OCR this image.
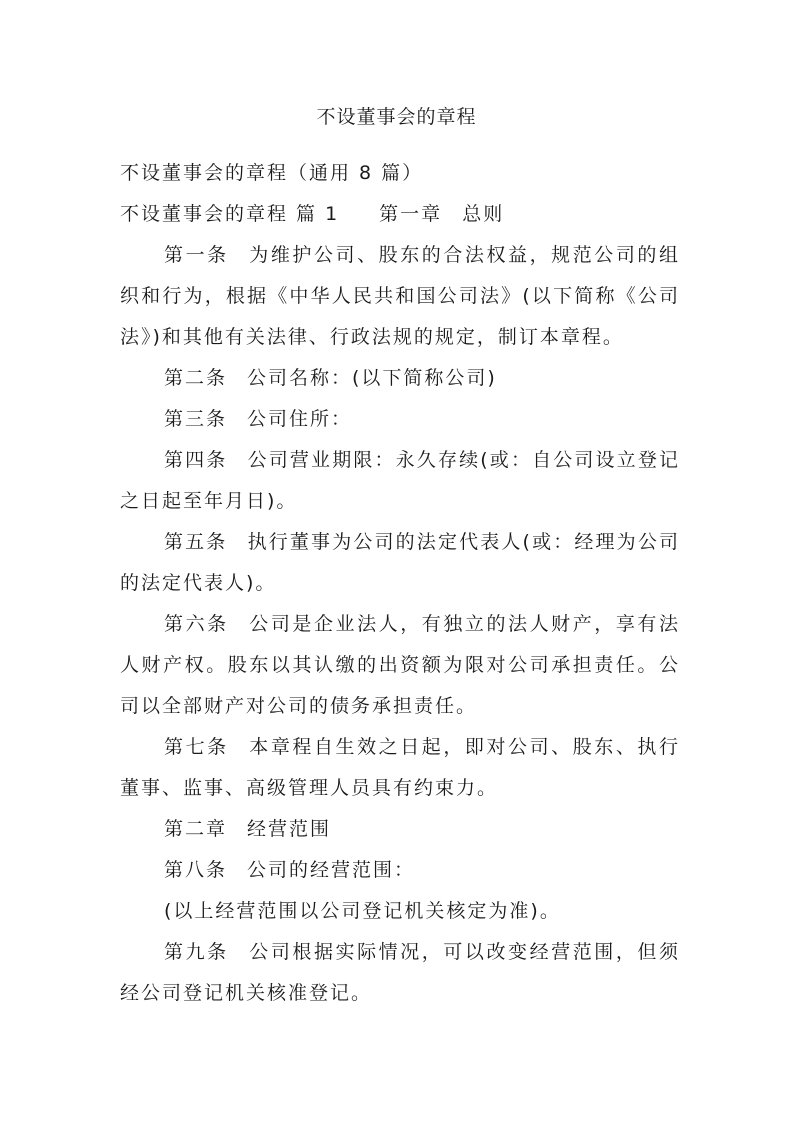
不设董事会的章程

不设董事会的章程（通用 8 篇）

不设董事会的章程 篇 1 第一章 总则

第一条 为维护公司、股东的合法权益，规范公司的组织和行为，根据《中华人民共和国公司法》(以下简称《公司法》)和其他有关法律、行政法规的规定，制订本章程。

第二条 公司名称：(以下简称公司)

第三条 公司住所：

第四条 公司营业期限：永久存续(或：自公司设立登记之日起至年月日)。

第五条 执行董事为公司的法定代表人(或：经理为公司的法定代表人)。

第六条 公司是企业法人，有独立的法人财产，享有法人财产权。股东以其认缴的出资额为限对公司承担责任。公司以全部财产对公司的债务承担责任。

第七条 本章程自生效之日起，即对公司、股东、执行董事、监事、高级管理人员具有约束力。

第二章 经营范围

第八条 公司的经营范围：

(以上经营范围以公司登记机关核定为准)。

第九条 公司根据实际情况，可以改变经营范围，但须经公司登记机关核准登记。
